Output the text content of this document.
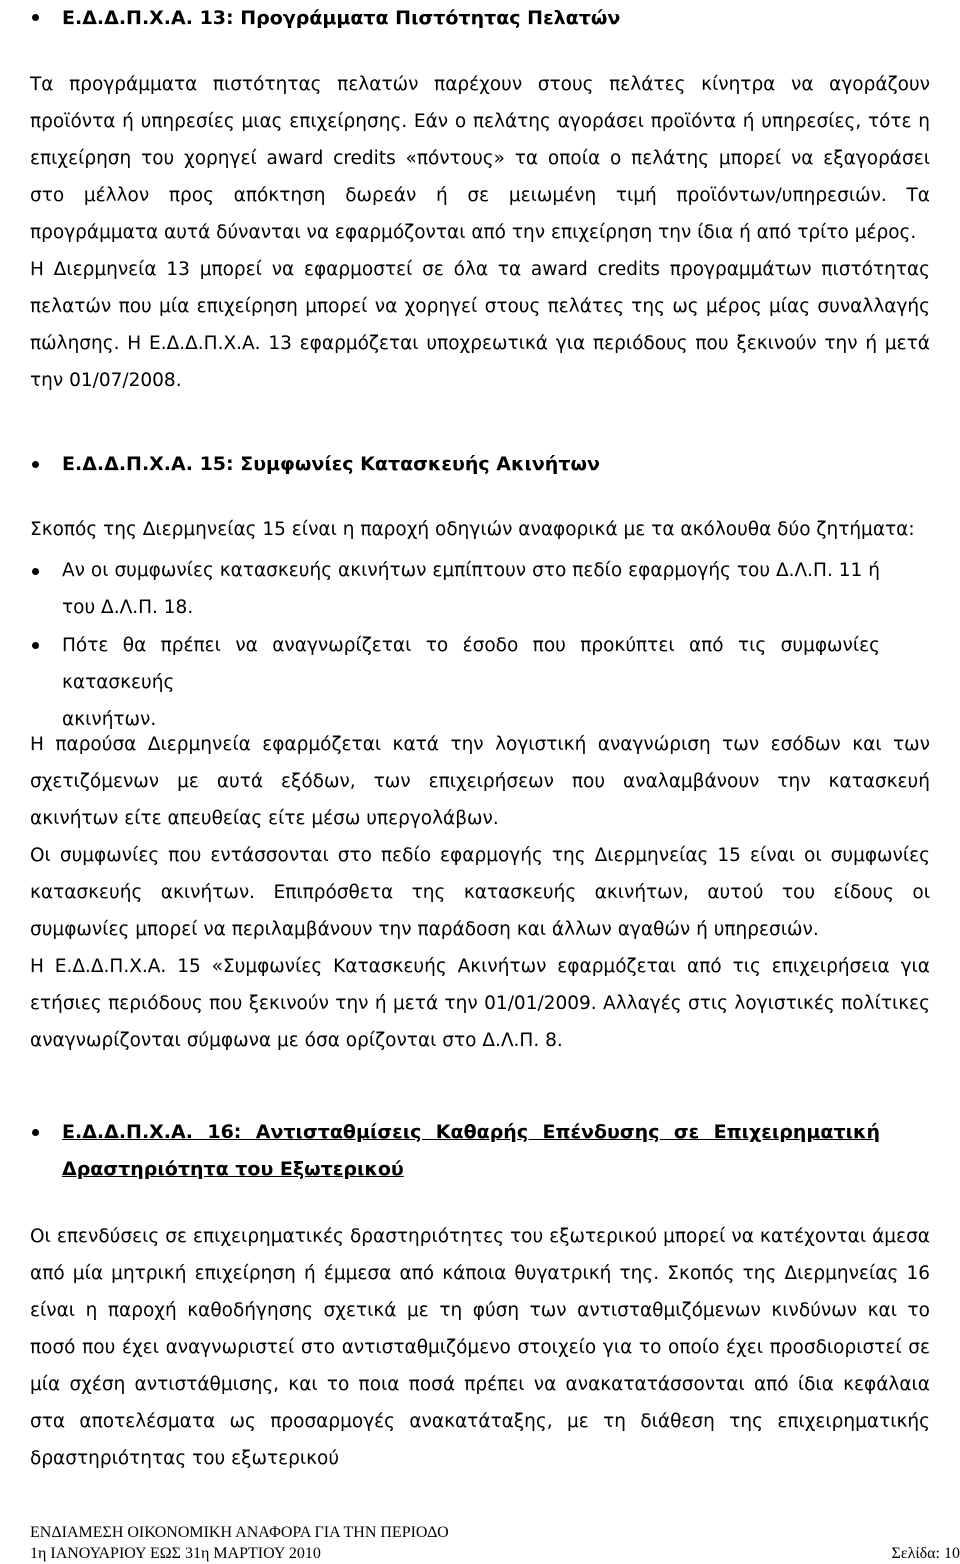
Ε.Δ.Δ.Π.Χ.Α. 13: Προγράμματα Πιστότητας Πελατών
Τα προγράμματα πιστότητας πελατών παρέχουν στους πελάτες κίνητρα να αγοράζουν
προϊόντα ή υπηρεσίες μιας επιχείρησης. Εάν ο πελάτης αγοράσει προϊόντα ή υπηρεσίες, τότε η
επιχείρηση του χορηγεί award credits «πόντους» τα οποία ο πελάτης μπορεί να εξαγοράσει
στο μέλλον προς απόκτηση δωρεάν ή σε μειωμένη τιμή προϊόντων/υπηρεσιών. Τα
προγράμματα αυτά δύνανται να εφαρμόζονται από την επιχείρηση την ίδια ή από τρίτο μέρος.
Η Διερμηνεία 13 μπορεί να εφαρμοστεί σε όλα τα award credits προγραμμάτων πιστότητας
πελατών που μία επιχείρηση μπορεί να χορηγεί στους πελάτες της ως μέρος μίας συναλλαγής
πώλησης. Η Ε.Δ.Δ.Π.Χ.Α. 13 εφαρμόζεται υποχρεωτικά για περιόδους που ξεκινούν την ή μετά
την 01/07/2008.
Ε.Δ.Δ.Π.Χ.Α. 15: Συμφωνίες Κατασκευής Ακινήτων
Σκοπός της Διερμηνείας 15 είναι η παροχή οδηγιών αναφορικά με τα ακόλουθα δύο ζητήματα:
Αν οι συμφωνίες κατασκευής ακινήτων εμπίπτουν στο πεδίο εφαρμογής του Δ.Λ.Π. 11 ή
του Δ.Λ.Π. 18.
Πότε θα πρέπει να αναγνωρίζεται το έσοδο που προκύπτει από τις συμφωνίες κατασκευής
ακινήτων.
Η παρούσα Διερμηνεία εφαρμόζεται κατά την λογιστική αναγνώριση των εσόδων και των
σχετιζόμενων με αυτά εξόδων, των επιχειρήσεων που αναλαμβάνουν την κατασκευή
ακινήτων είτε απευθείας είτε μέσω υπεργολάβων.
Οι συμφωνίες που εντάσσονται στο πεδίο εφαρμογής της Διερμηνείας 15 είναι οι συμφωνίες
κατασκευής ακινήτων. Επιπρόσθετα της κατασκευής ακινήτων, αυτού του είδους οι
συμφωνίες μπορεί να περιλαμβάνουν την παράδοση και άλλων αγαθών ή υπηρεσιών.
Η Ε.Δ.Δ.Π.Χ.Α. 15 «Συμφωνίες Κατασκευής Ακινήτων εφαρμόζεται από τις επιχειρήσεια για
ετήσιες περιόδους που ξεκινούν την ή μετά την 01/01/2009. Αλλαγές στις λογιστικές πολίτικες
αναγνωρίζονται σύμφωνα με όσα ορίζονται στο Δ.Λ.Π. 8.
Ε.Δ.Δ.Π.Χ.Α. 16: Αντισταθμίσεις Καθαρής Επένδυσης σε Επιχειρηματική
Δραστηριότητα του Εξωτερικού
Οι επενδύσεις σε επιχειρηματικές δραστηριότητες του εξωτερικού μπορεί να κατέχονται άμεσα
από μία μητρική επιχείρηση ή έμμεσα από κάποια θυγατρική της. Σκοπός της Διερμηνείας 16
είναι η παροχή καθοδήγησης σχετικά με τη φύση των αντισταθμιζόμενων κινδύνων και το
ποσό που έχει αναγνωριστεί στο αντισταθμιζόμενο στοιχείο για το οποίο έχει προσδιοριστεί σε
μία σχέση αντιστάθμισης, και το ποια ποσά πρέπει να ανακατατάσσονται από ίδια κεφάλαια
στα αποτελέσματα ως προσαρμογές ανακατάταξης, με τη διάθεση της επιχειρηματικής
δραστηριότητας του εξωτερικού
ΕΝΔΙΑΜΕΣΗ ΟΙΚΟΝΟΜΙΚΗ ΑΝΑΦΟΡΑ ΓΙΑ ΤΗΝ ΠΕΡΙΟΔΟ
1η ΙΑΝΟΥΑΡΙΟΥ ΕΩΣ 31η ΜΑΡΤΙΟΥ 2010	Σελίδα: 10
